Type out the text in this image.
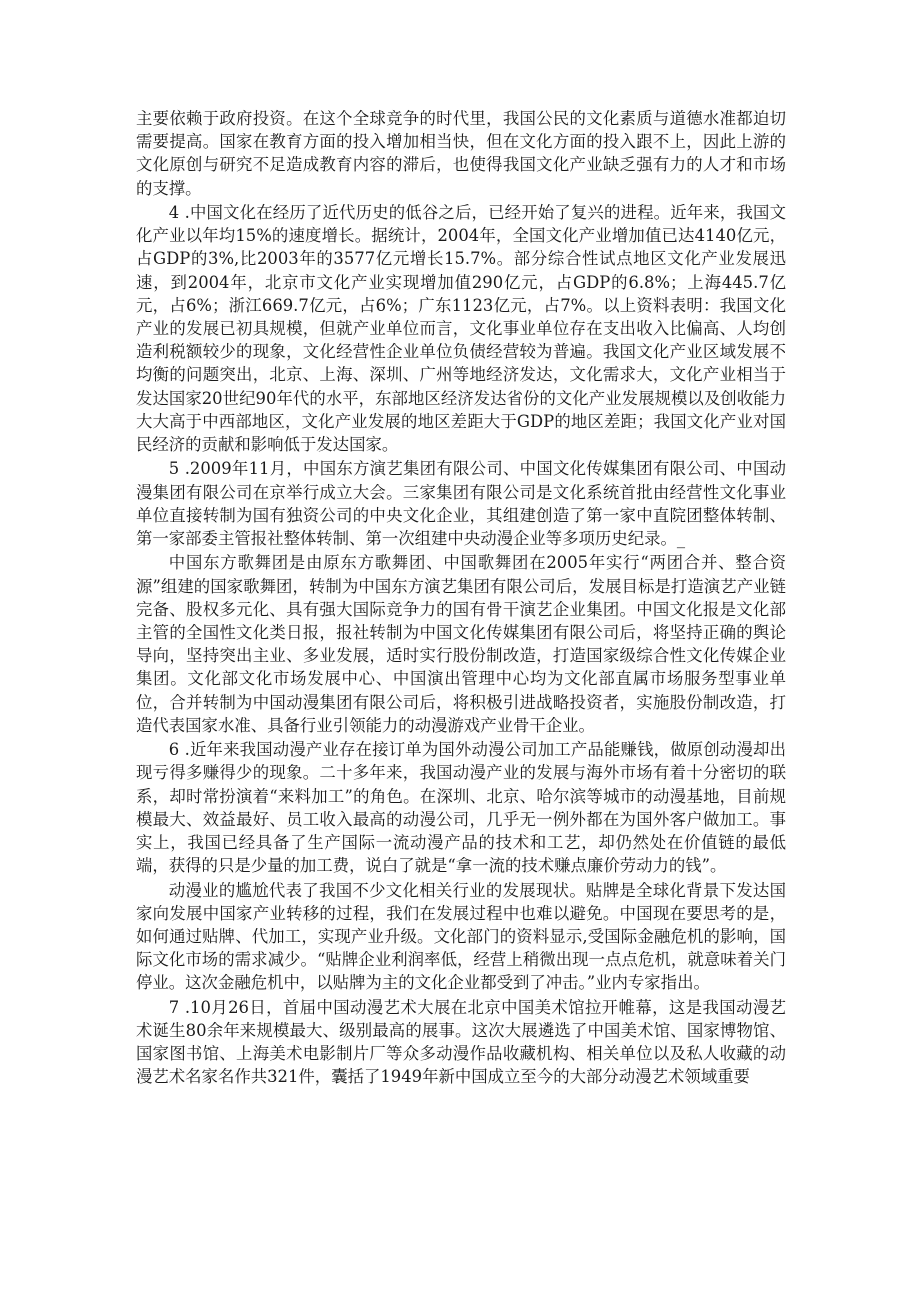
主要依赖于政府投资。在这个全球竞争的时代里，我国公民的文化素质与道德水准都迫切需要提高。国家在教育方面的投入增加相当快，但在文化方面的投入跟不上，因此上游的文化原创与研究不足造成教育内容的滞后，也使得我国文化产业缺乏强有力的人才和市场的支撑。

4 .中国文化在经历了近代历史的低谷之后，已经开始了复兴的进程。近年来，我国文化产业以年均15%的速度增长。据统计，2004年，全国文化产业增加值已达4140亿元，占GDP的3%,比2003年的3577亿元增长15.7%。部分综合性试点地区文化产业发展迅速，到2004年，北京市文化产业实现增加值290亿元，占GDP的6.8%；上海445.7亿元，占6%；浙江669.7亿元，占6%；广东1123亿元，占7%。以上资料表明：我国文化产业的发展已初具规模，但就产业单位而言，文化事业单位存在支出收入比偏高、人均创造利税额较少的现象，文化经营性企业单位负债经营较为普遍。我国文化产业区域发展不均衡的问题突出，北京、上海、深圳、广州等地经济发达，文化需求大，文化产业相当于发达国家20世纪90年代的水平，东部地区经济发达省份的文化产业发展规模以及创收能力大大高于中西部地区，文化产业发展的地区差距大于GDP的地区差距；我国文化产业对国民经济的贡献和影响低于发达国家。

5 .2009年11月，中国东方演艺集团有限公司、中国文化传媒集团有限公司、中国动漫集团有限公司在京举行成立大会。三家集团有限公司是文化系统首批由经营性文化事业单位直接转制为国有独资公司的中央文化企业，其组建创造了第一家中直院团整体转制、第一家部委主管报社整体转制、第一次组建中央动漫企业等多项历史纪录。_

中国东方歌舞团是由原东方歌舞团、中国歌舞团在2005年实行“两团合并、整合资源”组建的国家歌舞团，转制为中国东方演艺集团有限公司后，发展目标是打造演艺产业链完备、股权多元化、具有强大国际竞争力的国有骨干演艺企业集团。中国文化报是文化部主管的全国性文化类日报，报社转制为中国文化传媒集团有限公司后，将坚持正确的舆论导向，坚持突出主业、多业发展，适时实行股份制改造，打造国家级综合性文化传媒企业集团。文化部文化市场发展中心、中国演出管理中心均为文化部直属市场服务型事业单位，合并转制为中国动漫集团有限公司后，将积极引进战略投资者，实施股份制改造，打造代表国家水准、具备行业引领能力的动漫游戏产业骨干企业。

6 .近年来我国动漫产业存在接订单为国外动漫公司加工产品能赚钱，做原创动漫却出现亏得多赚得少的现象。二十多年来，我国动漫产业的发展与海外市场有着十分密切的联系，却时常扮演着“来料加工”的角色。在深圳、北京、哈尔滨等城市的动漫基地，目前规模最大、效益最好、员工收入最高的动漫公司，几乎无一例外都在为国外客户做加工。事实上，我国已经具备了生产国际一流动漫产品的技术和工艺，却仍然处在价值链的最低端，获得的只是少量的加工费，说白了就是“拿一流的技术赚点廉价劳动力的钱”。

动漫业的尴尬代表了我国不少文化相关行业的发展现状。贴牌是全球化背景下发达国家向发展中国家产业转移的过程，我们在发展过程中也难以避免。中国现在要思考的是，如何通过贴牌、代加工，实现产业升级。文化部门的资料显示,受国际金融危机的影响，国际文化市场的需求减少。“贴牌企业利润率低，经营上稍微出现一点点危机，就意味着关门停业。这次金融危机中，以贴牌为主的文化企业都受到了冲击。”业内专家指出。

7 .10月26日，首届中国动漫艺术大展在北京中国美术馆拉开帷幕，这是我国动漫艺术诞生80余年来规模最大、级别最高的展事。这次大展遴选了中国美术馆、国家博物馆、国家图书馆、上海美术电影制片厂等众多动漫作品收藏机构、相关单位以及私人收藏的动漫艺术名家名作共321件，囊括了1949年新中国成立至今的大部分动漫艺术领域重要
